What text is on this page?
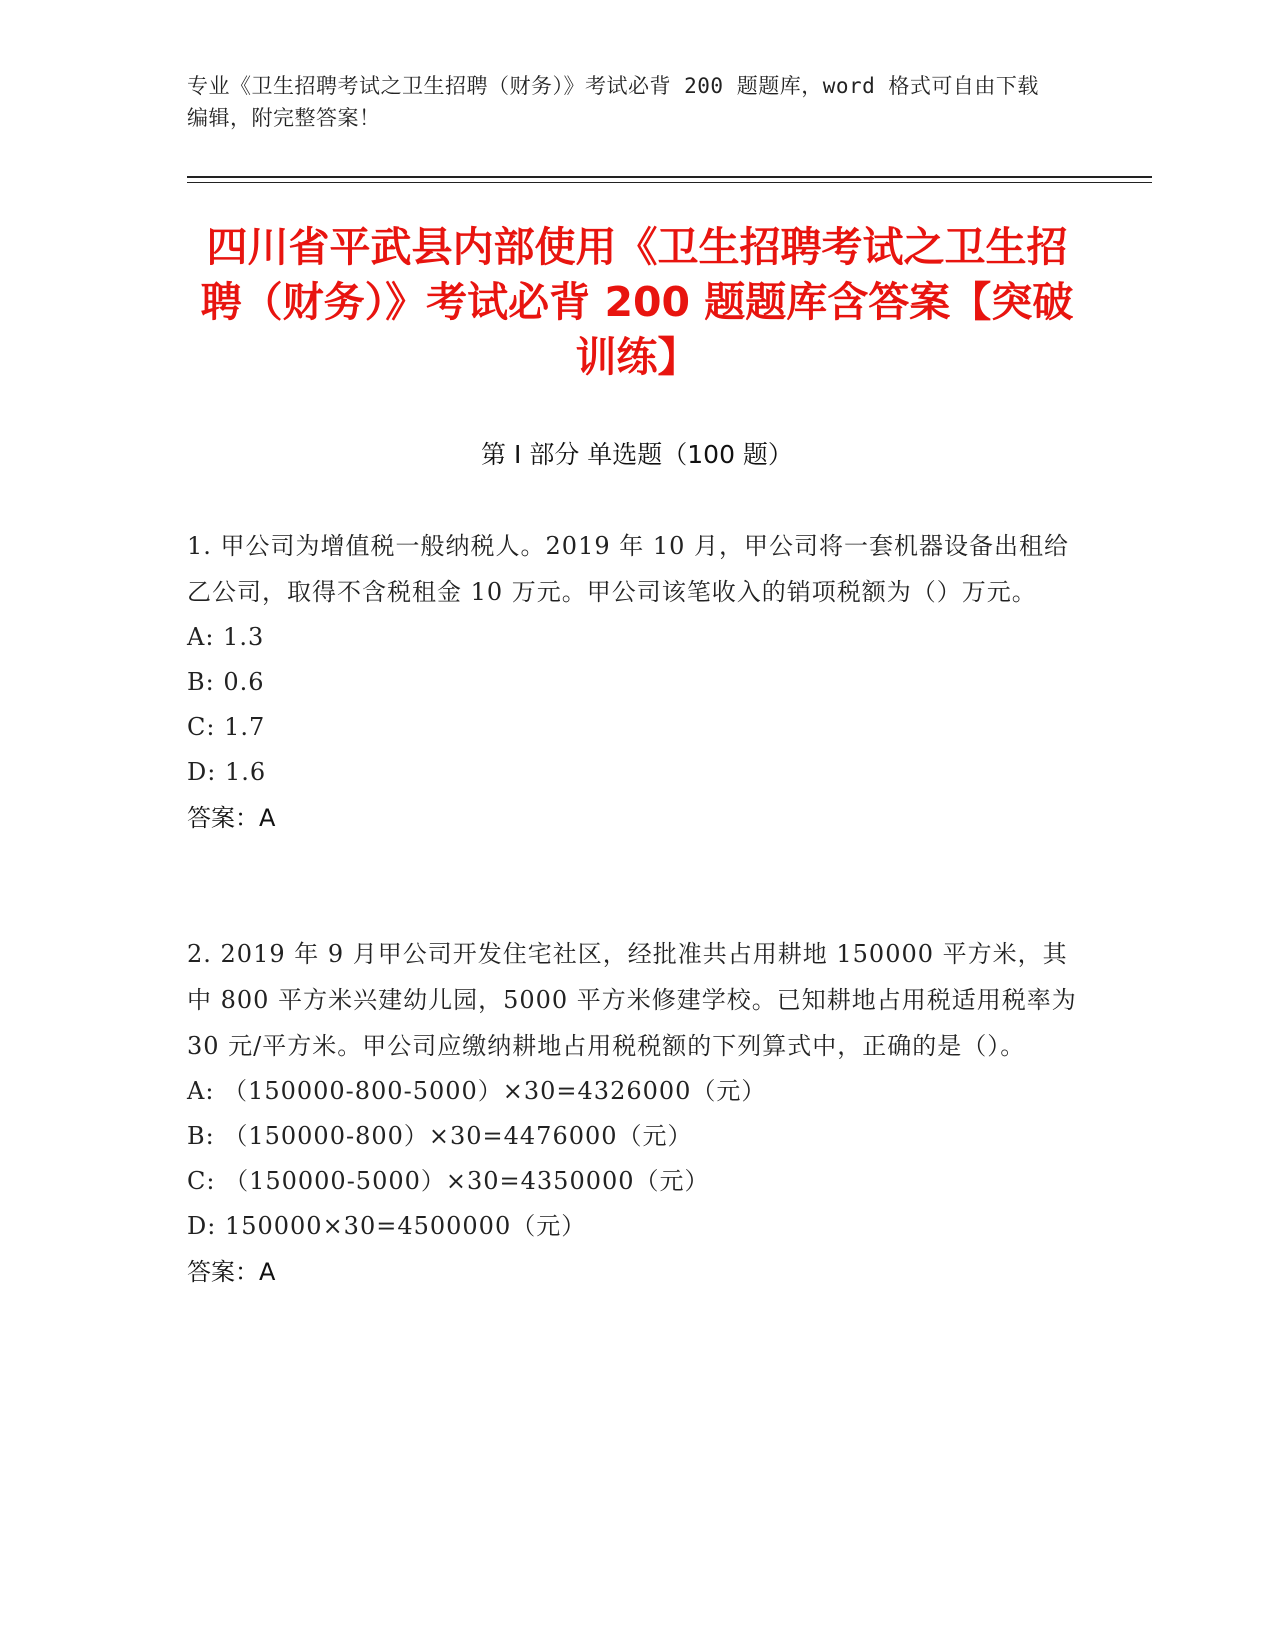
专业《卫生招聘考试之卫生招聘（财务）》考试必背 200 题题库，word 格式可自由下载编辑，附完整答案！
四川省平武县内部使用《卫生招聘考试之卫生招聘（财务）》考试必背 200 题题库含答案【突破训练】
第 I 部分 单选题（100 题）
1. 甲公司为增值税一般纳税人。2019 年 10 月，甲公司将一套机器设备出租给乙公司，取得不含税租金 10 万元。甲公司该笔收入的销项税额为（）万元。
A: 1.3
B: 0.6
C: 1.7
D: 1.6
答案：A
2. 2019 年 9 月甲公司开发住宅社区，经批准共占用耕地 150000 平方米，其中 800 平方米兴建幼儿园，5000 平方米修建学校。已知耕地占用税适用税率为 30 元/平方米。甲公司应缴纳耕地占用税税额的下列算式中，正确的是（）。
A: （150000-800-5000）×30=4326000（元）
B: （150000-800）×30=4476000（元）
C: （150000-5000）×30=4350000（元）
D: 150000×30=4500000（元）
答案：A
